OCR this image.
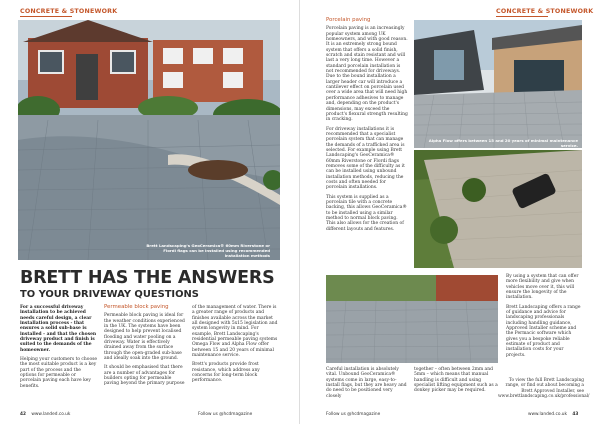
CONCRETE & STONEWORK
Brett Landscaping's GeoCeramica® 60mm Riverstone or Flordi flags can be installed using recommended installation methods
BRETT HAS THE ANSWERS
TO YOUR DRIVEWAY QUESTIONS

For a successful driveway installation to be achieved needs careful design, a clear installation process - that ensures a solid sub-base is installed - and that the chosen driveway product and finish is suited to the demands of the homeowner.

Helping your customers to choose the most suitable product is a key part of the process and the options for permeable or porcelain paving each have key benefits.

Permeable block paving

Permeable block paving is ideal for the weather conditions experienced in the UK. The systems have been designed to help prevent localised flooding and water pooling on a driveway. Water is effectively drained away from the surface through the open-graded sub-base and ideally soak into the ground.

It should be emphasised that there are a number of advantages for builders opting for permeable paving beyond the primary purpose

of the management of water. There is a greater range of products and finishes available across the market all designed with 5x15 legislation and system longevity in mind. For example, Brett Landscaping's residential permeable paving systems Omega Flow and Alpha Flow offer between 15 and 20 years of minimal maintenance service.

Brett's products provide frost resistance, which address any concerns for long-term block performance.

42 www.landed.co.uk	Follow us @hcdmagazine
CONCRETE & STONEWORK
Porcelain paving

Porcelain paving is an increasingly popular system among UK homeowners, and with good reason. It is an extremely strong bound system that offers a solid finish, scratch and stain resistant and will last a very long time. However a standard porcelain installation is not recommended for driveways. Due to the bound installation a larger header car will introduce a cantilever effect on porcelain used over a wide area that will need high performance adhesives to manage and, depending on the product's dimensions, may exceed the product's flexural strength resulting in cracking.

For driveway installations it is recommended that a specialist porcelain system that can manage the demands of a trafficked area is selected. For example using Brett Landscaping's GeoCeramica® 60mm Riverstone or Flordi flags removes some of the difficulty as it can be installed using unbound installation methods, reducing the costs and often needed for porcelain installations.

This system is supplied as a porcelain tile with a concrete backing, this allows GeoCeramica® to be installed using a similar method to normal block paving. This also allows for the creation of different layouts and features.

Alpha Flow offers between 15 and 20 years of minimal maintenance service.

Careful installation is absolutely vital. Unbound GeoCeramica® systems come in large, easy-to-install flags, but they are heavy and do need to be positioned very closely

together – often between 2mm and 5mm – which means that manual handling is difficult and using specialist lifting equipment such as a donkey picker may be required.

By using a system that can offer more flexibility and give when vehicles move over it, this will ensure the longevity of the installation.

Brett Landscaping offers a range of guidance and advice for landscaping professionals including handling guidance, Approved Installer scheme and the Permacic software which gives you a bespoke reliable estimate of product and installation costs for your projects.

To view the full Brett Landscaping range, or find out about becoming a Brett Approved Installer, see www.brettlandscaping.co.uk/professional/
Follow us @hcdmagazine	www.landed.co.uk 43
